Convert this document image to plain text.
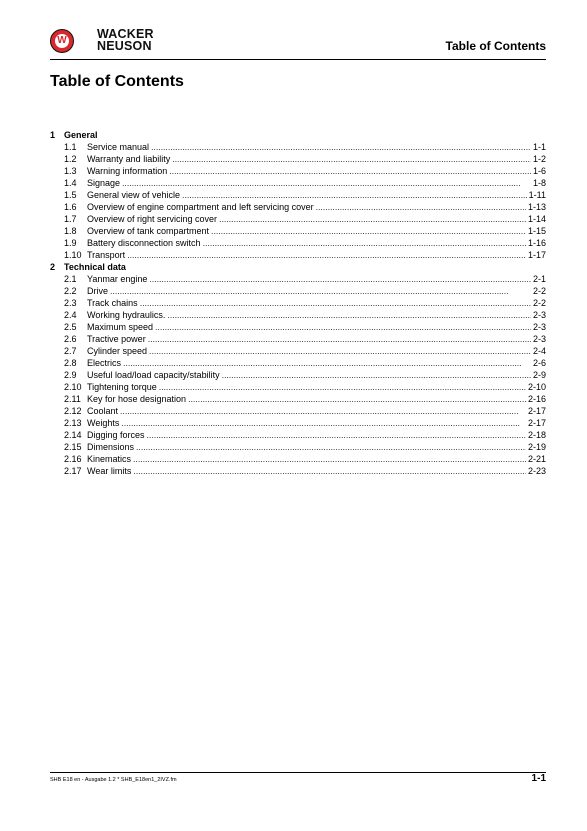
W WACKER
NEUSON	Table of Contents
Table of Contents
1 General
1.1	Service manual . . .	1-1
1.2	Warranty and liability . . .	1-2
1.3	Warning information . . .	1-6
1.4	Signage . . .	1-8
1.5	General view of vehicle . . .	1-11
1.6	Overview of engine compartment and left servicing cover . . .	1-13
1.7	Overview of right servicing cover . . .	1-14
1.8	Overview of tank compartment . . .	1-15
1.9	Battery disconnection switch . . .	1-16
1.10 Transport . . .	1-17
2 Technical data
2.1	Yanmar engine . . .	2-1
2.2	Drive . . .	2-2
2.3	Track chains . . .	2-2
2.4	Working hydraulics. . . .	2-3
2.5	Maximum speed . . .	2-3
2.6	Tractive power . . .	2-3
2.7	Cylinder speed . . .	2-4
2.8	Electrics . . .	2-6
2.9	Useful load/load capacity/stability . . .	2-9
2.10 Tightening torque . . .	2-10
2.11 Key for hose designation . . .	2-16
2.12 Coolant . . .	2-17
2.13 Weights . . .	2-17
2.14 Digging forces . . .	2-18
2.15 Dimensions . . .	2-19
2.16 Kinematics . . .	2-21
2.17 Wear limits . . .	2-23
SHB E18 en - Ausgabe 1.2 * SHB_E18en1_2IVZ.fm	1-1
